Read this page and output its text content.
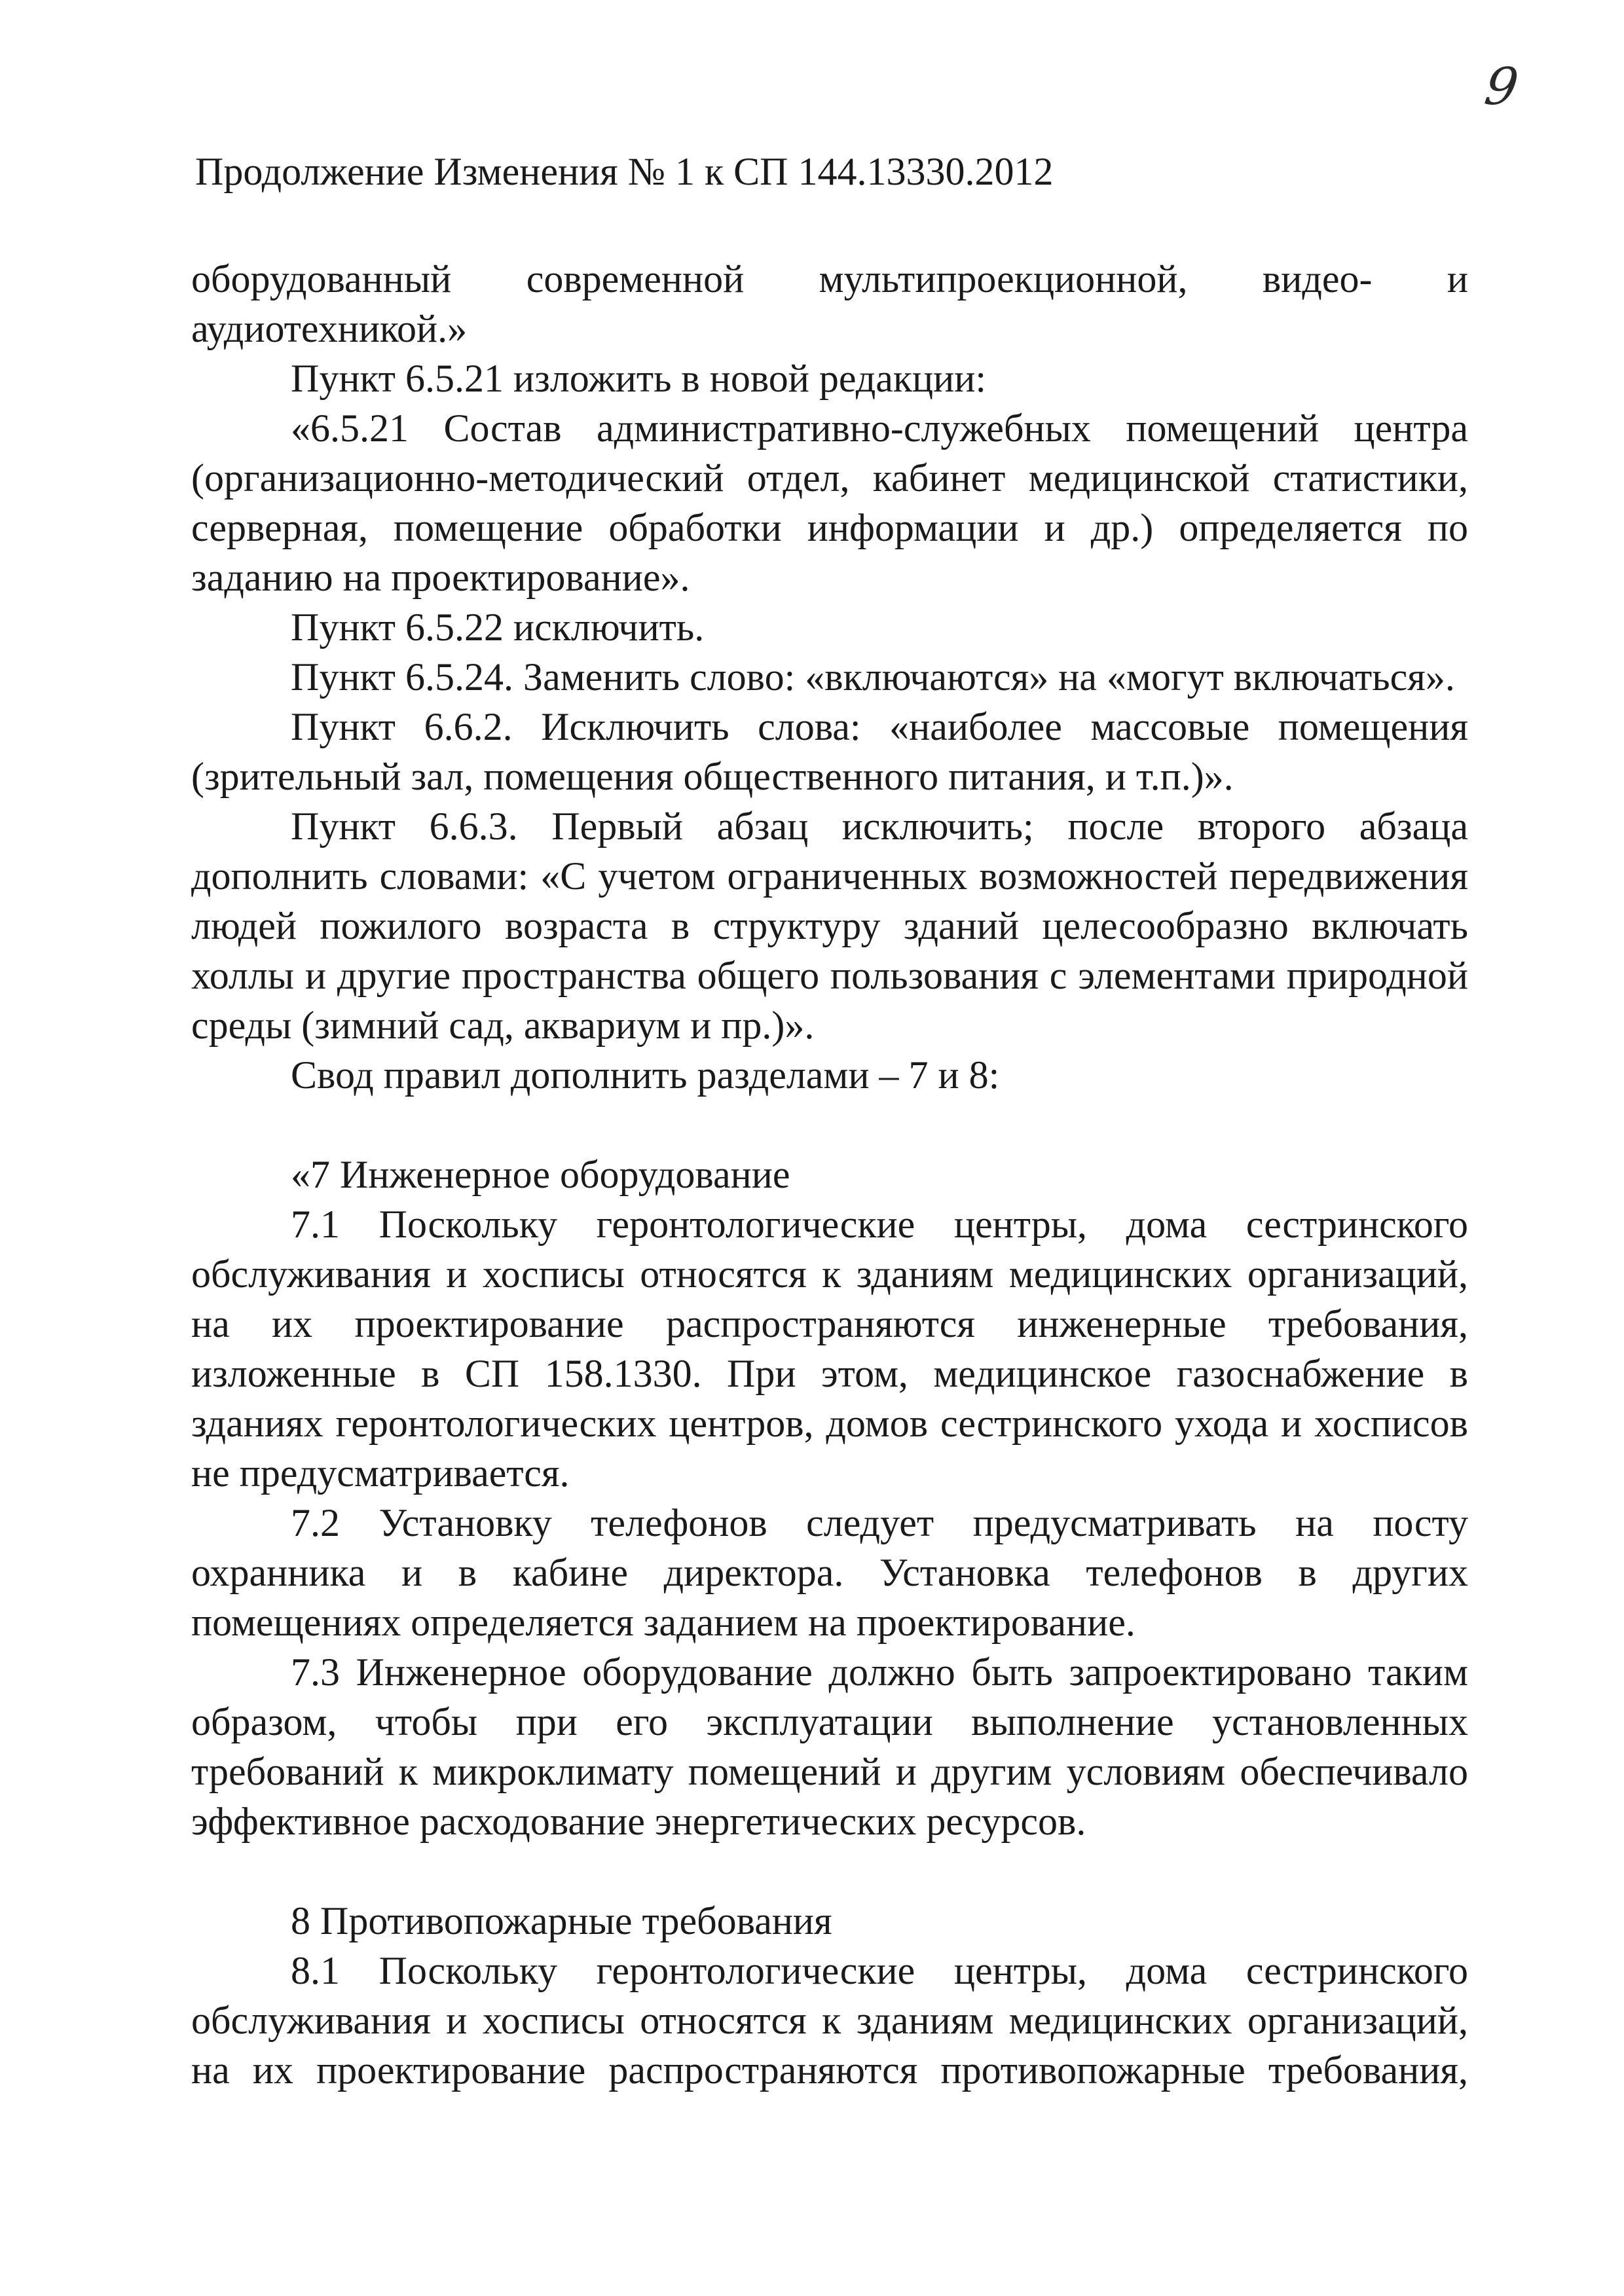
9
Продолжение Изменения № 1 к СП 144.13330.2012

оборудованный современной мультипроекционной, видео- и аудиотехникой.»

Пункт 6.5.21 изложить в новой редакции:

«6.5.21 Состав административно-служебных помещений центра (организационно-методический отдел, кабинет медицинской статистики, серверная, помещение обработки информации и др.) определяется по заданию на проектирование».

Пункт 6.5.22 исключить.

Пункт 6.5.24. Заменить слово: «включаются» на «могут включаться».

Пункт 6.6.2. Исключить слова: «наиболее массовые помещения (зрительный зал, помещения общественного питания, и т.п.)».

Пункт 6.6.3. Первый абзац исключить; после второго абзаца дополнить словами: «С учетом ограниченных возможностей передвижения людей пожилого возраста в структуру зданий целесообразно включать холлы и другие пространства общего пользования с элементами природной среды (зимний сад, аквариум и пр.)».

Свод правил дополнить разделами – 7 и 8:

«7 Инженерное оборудование

7.1 Поскольку геронтологические центры, дома сестринского обслуживания и хосписы относятся к зданиям медицинских организаций, на их проектирование распространяются инженерные требования, изложенные в СП 158.1330. При этом, медицинское газоснабжение в зданиях геронтологических центров, домов сестринского ухода и хосписов не предусматривается.

7.2 Установку телефонов следует предусматривать на посту охранника и в кабине директора. Установка телефонов в других помещениях определяется заданием на проектирование.

7.3 Инженерное оборудование должно быть запроектировано таким образом, чтобы при его эксплуатации выполнение установленных требований к микроклимату помещений и другим условиям обеспечивало эффективное расходование энергетических ресурсов.

8 Противопожарные требования

8.1 Поскольку геронтологические центры, дома сестринского обслуживания и хосписы относятся к зданиям медицинских организаций, на их проектирование распространяются противопожарные требования,
